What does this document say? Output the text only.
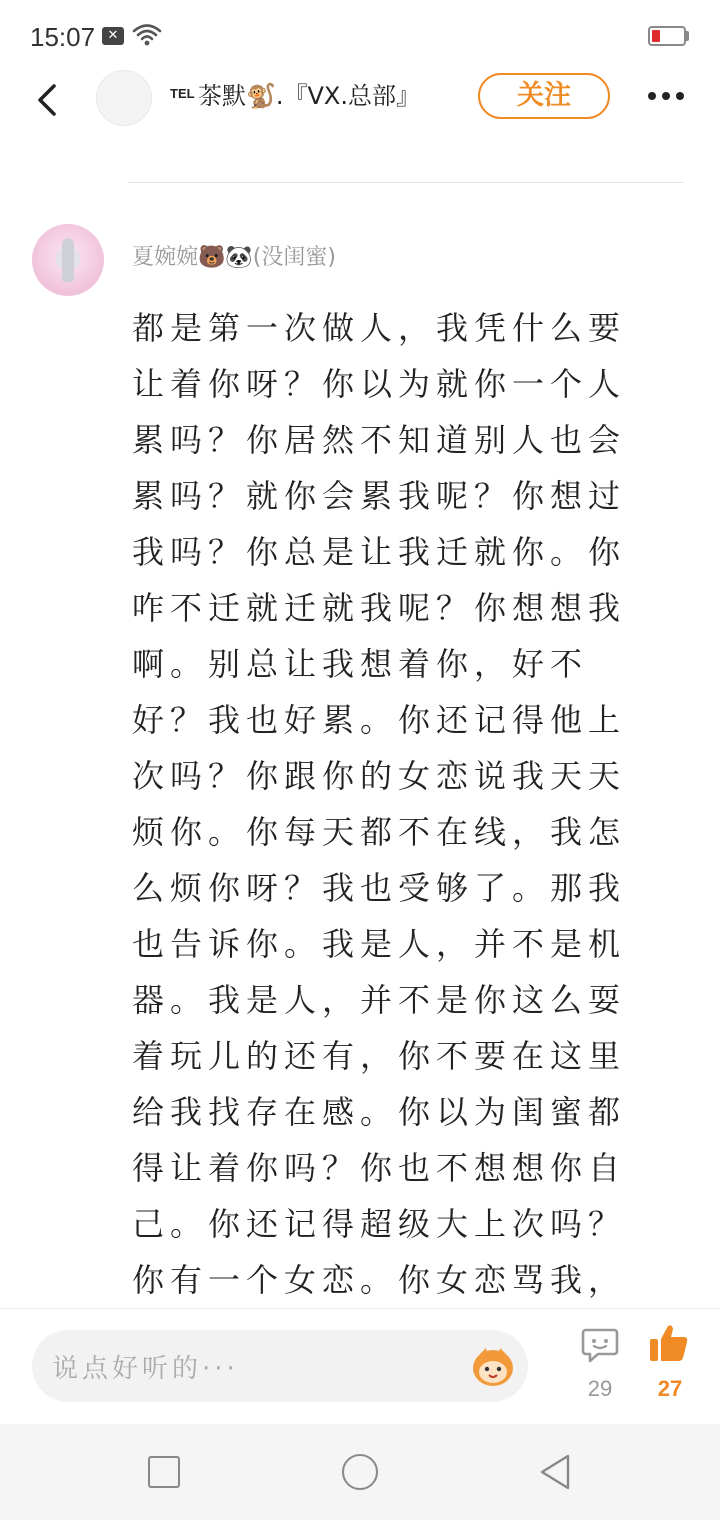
15:07 ✕
TEL 茶默🐒.『VX.总部』	关注
夏婉婉🐻🐼(没闺蜜)
都是第一次做人，我凭什么要让着你呀？你以为就你一个人累吗？你居然不知道别人也会累吗？就你会累我呢？你想过我吗？你总是让我迁就你。你咋不迁就迁就我呢？你想想我啊。别总让我想着你，好不好？我也好累。你还记得他上次吗？你跟你的女恋说我天天烦你。你每天都不在线，我怎么烦你呀？我也受够了。那我也告诉你。我是人，并不是机器。我是人，并不是你这么耍着玩儿的还有，你不要在这里给我找存在感。你以为闺蜜都得让着你吗？你也不想想你自己。你还记得超级大上次吗？你有一个女恋。你女恋骂我，
说点好听的···
29	27
